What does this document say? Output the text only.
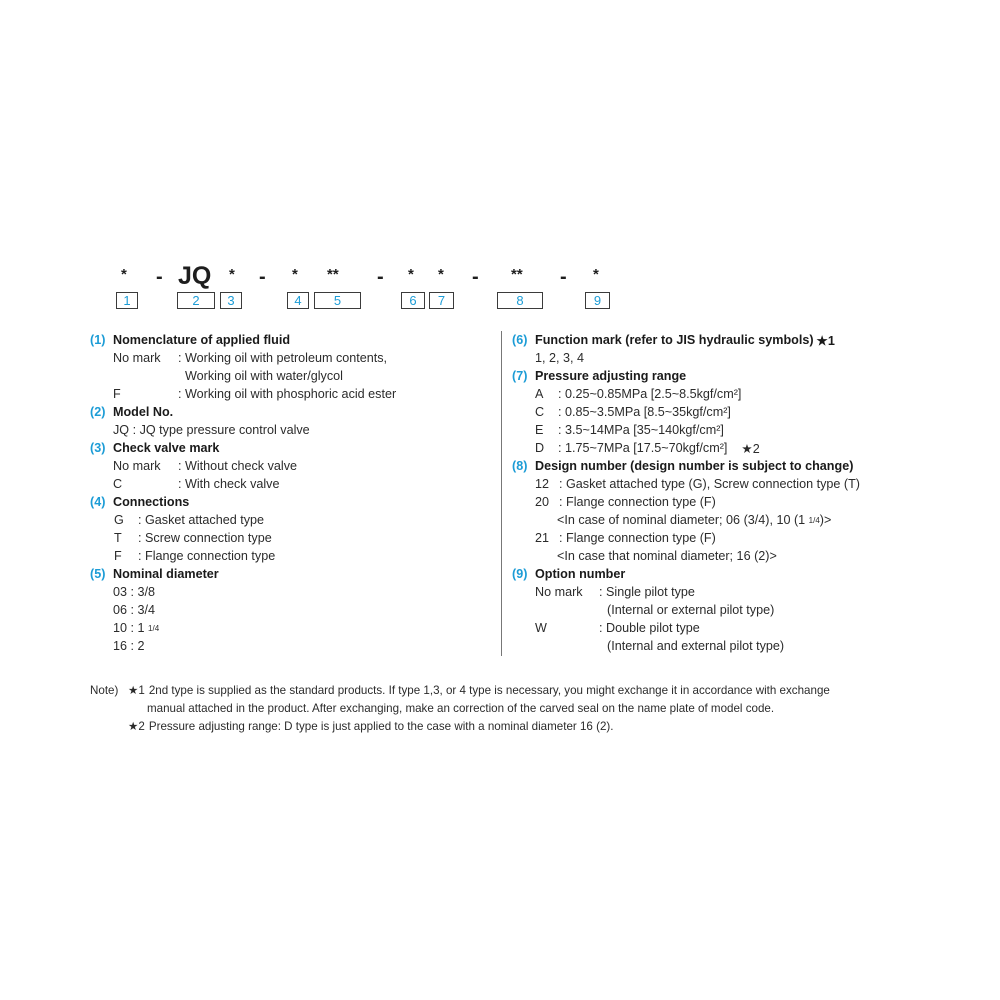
* - JQ * - * ** - * * - ** - *
1	2	3	4	5	6	7	8	9
(1) Nomenclature of applied fluid
No mark	: Working oil with petroleum contents,
Working oil with water/glycol
F	: Working oil with phosphoric acid ester
(2) Model No.
JQ : JQ type pressure control valve
(3) Check valve mark
No mark	: Without check valve
C	: With check valve
(4) Connections
G	: Gasket attached type
T	: Screw connection type
F	: Flange connection type
(5) Nominal diameter
03 : 3/8
06 : 3/4
10 : 1 1 /4
16 : 2
(6) Function mark (refer to JIS hydraulic symbols) ★1
1, 2, 3, 4
(7) Pressure adjusting range
A	: 0.25~0.85MPa [2.5~8.5kgf/cm²]
C	: 0.85~3.5MPa [8.5~35kgf/cm²]
E	: 3.5~14MPa [35~140kgf/cm²]
D	: 1.75~7MPa [17.5~70kgf/cm²] ★2
(8) Design number (design number is subject to change)
12 : Gasket attached type (G), Screw connection type (T)
20 : Flange connection type (F)
<In case of nominal diameter; 06 (3/4), 10 (1 1 /4 )>
21 : Flange connection type (F)
<In case that nominal diameter; 16 (2)>
(9) Option number
No mark	: Single pilot type
(Internal or external pilot type)
W	: Double pilot type
(Internal and external pilot type)
Note) ★1 2nd type is supplied as the standard products. If type 1,3, or 4 type is necessary, you might exchange it in accordance with exchange
manual attached in the product. After exchanging, make an correction of the carved seal on the name plate of model code.
★2 Pressure adjusting range: D type is just applied to the case with a nominal diameter 16 (2).
